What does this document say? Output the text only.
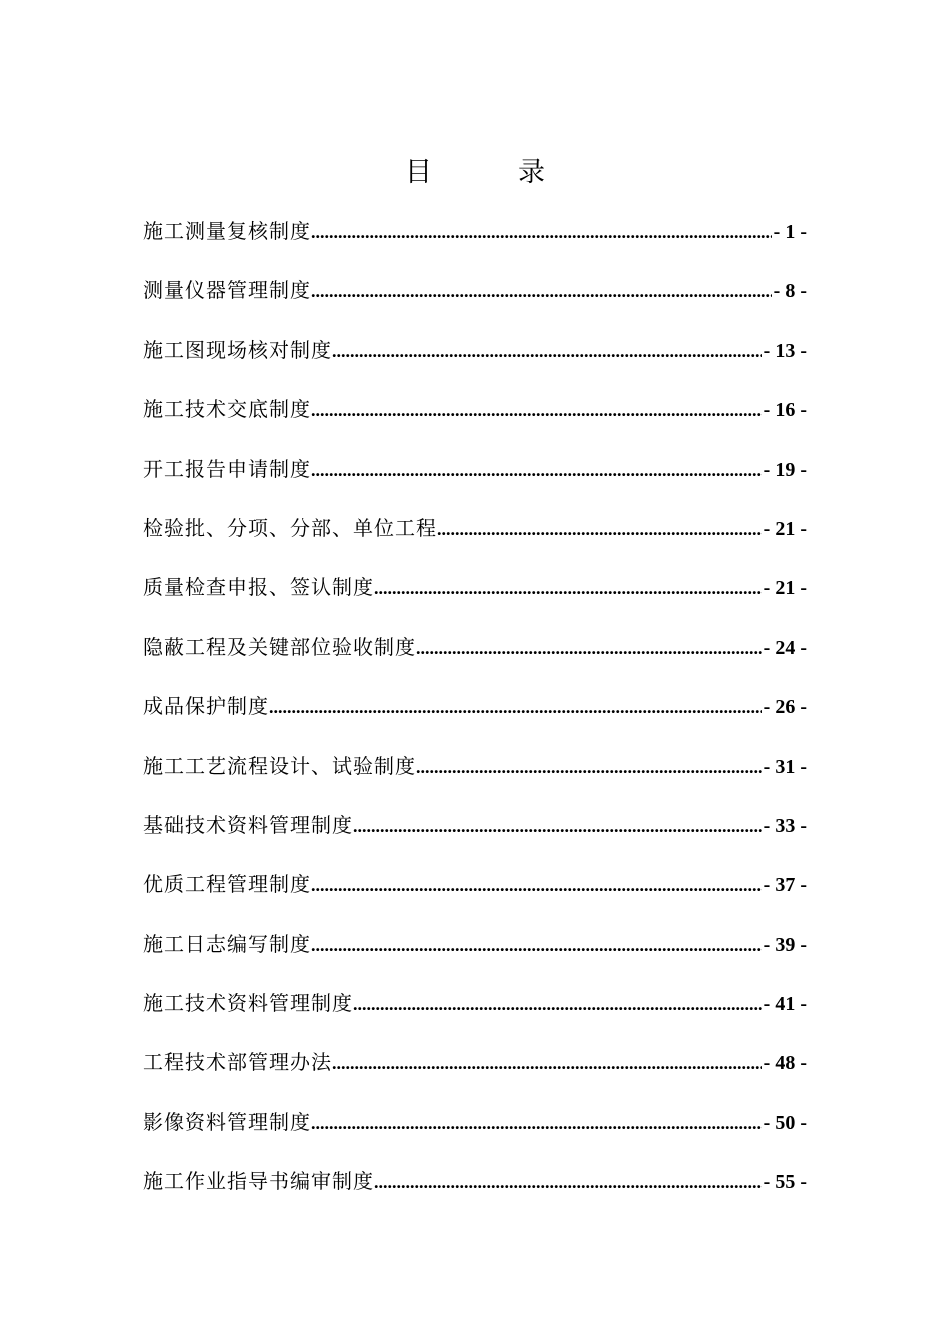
目	录
施工测量复核制度 .....	- 1 -
测量仪器管理制度 .....	- 8 -
施工图现场核对制度 .....	- 13 -
施工技术交底制度 .....	- 16 -
开工报告申请制度 .....	- 19 -
检验批、分项、分部、单位工程 .....	- 21 -
质量检查申报、签认制度 .....	- 21 -
隐蔽工程及关键部位验收制度 .....	- 24 -
成品保护制度 .....	- 26 -
施工工艺流程设计、试验制度 .....	- 31 -
基础技术资料管理制度 .....	- 33 -
优质工程管理制度 .....	- 37 -
施工日志编写制度 .....	- 39 -
施工技术资料管理制度 .....	- 41 -
工程技术部管理办法 .....	- 48 -
影像资料管理制度 .....	- 50 -
施工作业指导书编审制度 .....	- 55 -
